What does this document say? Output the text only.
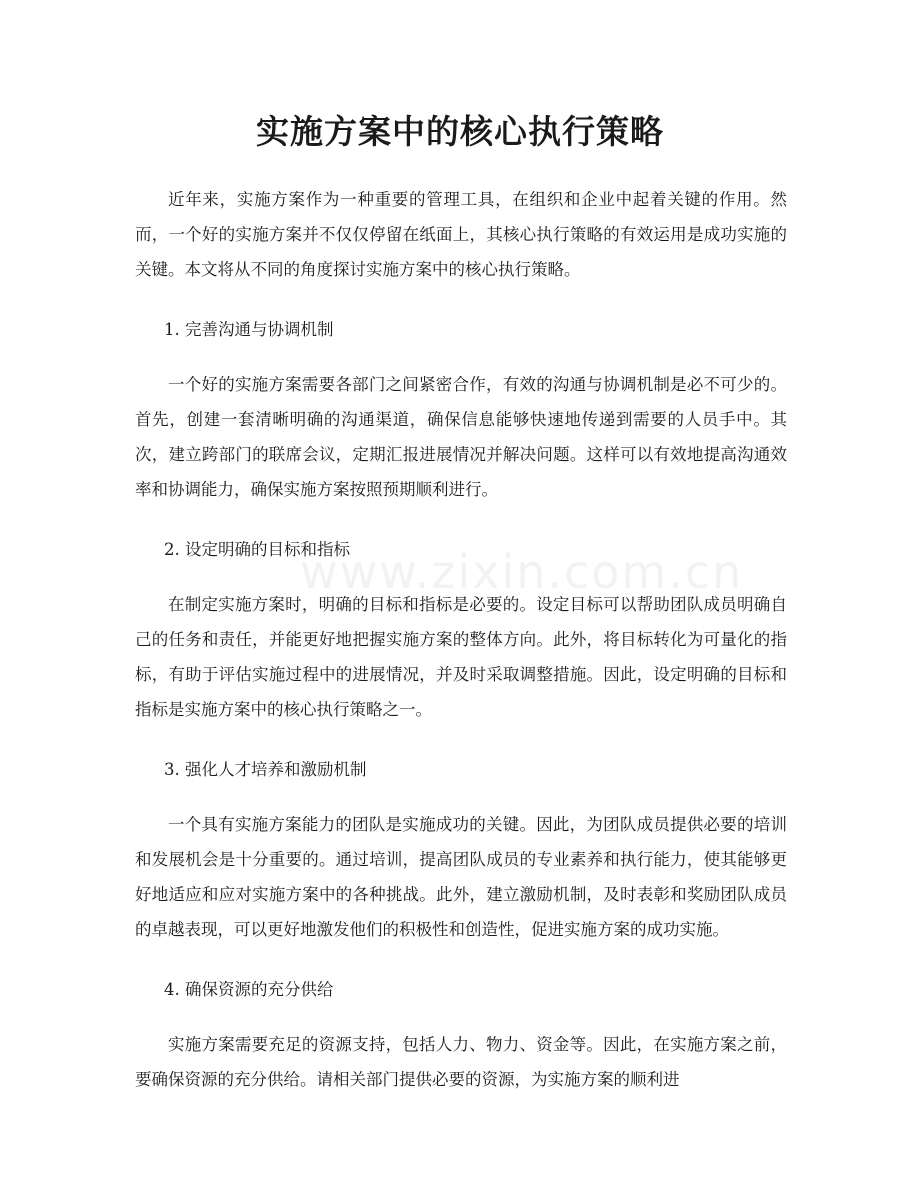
实施方案中的核心执行策略

近年来，实施方案作为一种重要的管理工具，在组织和企业中起着关键的作用。然而，一个好的实施方案并不仅仅停留在纸面上，其核心执行策略的有效运用是成功实施的关键。本文将从不同的角度探讨实施方案中的核心执行策略。

1. 完善沟通与协调机制

一个好的实施方案需要各部门之间紧密合作，有效的沟通与协调机制是必不可少的。首先，创建一套清晰明确的沟通渠道，确保信息能够快速地传递到需要的人员手中。其次，建立跨部门的联席会议，定期汇报进展情况并解决问题。这样可以有效地提高沟通效率和协调能力，确保实施方案按照预期顺利进行。

2. 设定明确的目标和指标

在制定实施方案时，明确的目标和指标是必要的。设定目标可以帮助团队成员明确自己的任务和责任，并能更好地把握实施方案的整体方向。此外，将目标转化为可量化的指标，有助于评估实施过程中的进展情况，并及时采取调整措施。因此，设定明确的目标和指标是实施方案中的核心执行策略之一。

3. 强化人才培养和激励机制

一个具有实施方案能力的团队是实施成功的关键。因此，为团队成员提供必要的培训和发展机会是十分重要的。通过培训，提高团队成员的专业素养和执行能力，使其能够更好地适应和应对实施方案中的各种挑战。此外，建立激励机制，及时表彰和奖励团队成员的卓越表现，可以更好地激发他们的积极性和创造性，促进实施方案的成功实施。

4. 确保资源的充分供给

实施方案需要充足的资源支持，包括人力、物力、资金等。因此，在实施方案之前，要确保资源的充分供给。请相关部门提供必要的资源，为实施方案的顺利进

www.zixin.com.cn
